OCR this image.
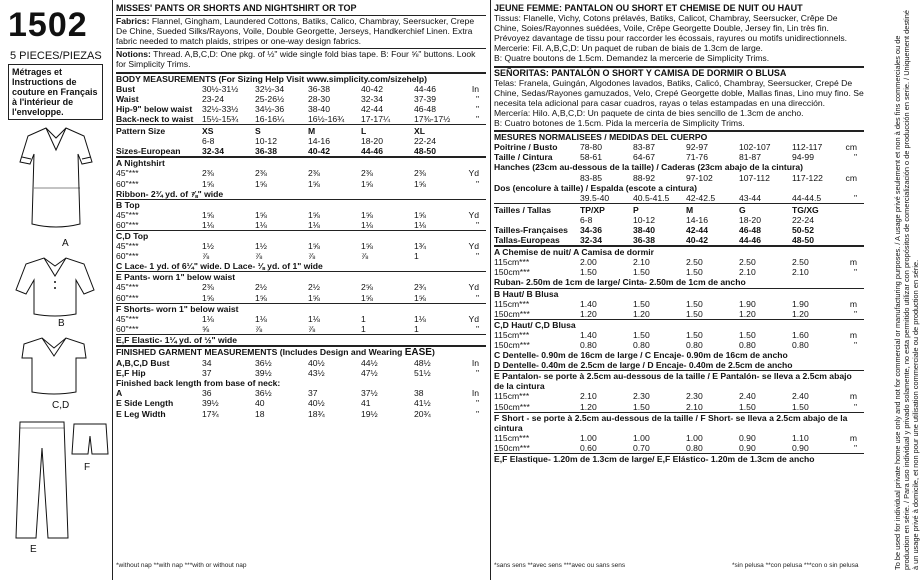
1502
5 PIECES/PIEZAS
Métrages et Instructions de couture en Français à l'intérieur de l'enveloppe.
A
B
C,D
E
F
MISSES' PANTS OR SHORTS AND NIGHTSHIRT OR TOP
Fabrics: Flannel, Gingham, Laundered Cottons, Batiks, Calico, Chambray, Seersucker, Crepe De Chine, Sueded Silks/Rayons, Voile, Double Georgette, Jerseys, Handkerchief Linen. Extra fabric needed to match plaids, stripes or one-way design fabrics.
Notions: Thread. A,B,C,D: One pkg. of ½" wide single fold bias tape. B: Four ⅝" buttons. Look for Simplicity Trims.
BODY MEASUREMENTS (For Sizing Help Visit www.simplicity.com/sizehelp)
Bust	30½-31½	32½-34	36-38	40-42	44-46	In
Waist	23-24	25-26½	28-30	32-34	37-39	"
Hip-9" below waist	32½-33½	34½-36	38-40	42-44	46-48	"
Back-neck to waist	15½-15¾	16-16¼	16½-16¾	17-17¼	17⅜-17½	"
Pattern Size	XS	S	M	L	XL
6-8	10-12	14-16	18-20	22-24
Sizes-European	32-34	36-38	40-42	44-46	48-50
A Nightshirt
45"***	2⅜	2⅜	2⅜	2⅜	2⅜	Yd
60"***	1⅝	1⅝	1⅝	1⅝	1⅝	"
Ribbon- 2¾ yd. of ⅞" wide
B Top
45"***	1⅝	1⅝	1⅝	1⅝	1⅝	Yd
60"***	1⅛	1⅛	1⅛	1⅛	1⅛	"
C,D Top
45"***	1½	1½	1⅝	1⅝	1¾	Yd
60"***	⅞	⅞	⅞	⅞	1	"
C Lace- 1 yd. of 6¼" wide. D Lace- ⅛ yd. of 1" wide
E Pants- worn 1" below waist
45"***	2⅜	2½	2½	2⅝	2¾	Yd
60"***	1⅝	1⅝	1⅝	1⅝	1⅝	"
F Shorts- worn 1" below waist
45"***	1⅛	1⅛	1⅛	1	1⅛	Yd
60"***	⅝	⅞	⅞	1	1	"
E,F Elastic- 1¼ yd. of ½" wide
FINISHED GARMENT MEASUREMENTS (Includes Design and Wearing EASE)
A,B,C,D Bust	34	36½	40½	44½	48½	In
E,F Hip	37	39½	43½	47½	51½	"
Finished back length from base of neck:
A	36	36½	37	37½	38	In
E Side Length	39½	40	40½	41	41½	"
E Leg Width	17¾	18	18¾	19½	20¾	"
*without nap **with nap ***with or without nap
JEUNE FEMME: PANTALON OU SHORT ET CHEMISE DE NUIT OU HAUT
Tissus: Flanelle, Vichy, Cotons prélavés, Batiks, Calicot, Chambray, Seersucker, Crêpe De Chine, Soies/Rayonnes suédées, Voile, Crêpe Georgette Double, Jersey fin, Lin très fin. Prévoyez davantage de tissu pour raccorder les écossais, rayures ou motifs unidirectionnels.
Mercerie: Fil. A,B,C,D: Un paquet de ruban de biais de 1.3cm de large.
B: Quatre boutons de 1.5cm. Demandez la mercerie de Simplicity Trims.
SEÑORITAS: PANTALÓN O SHORT Y CAMISA DE DORMIR O BLUSA
Telas: Franela, Guingán, Algodones lavados, Batiks, Calicó, Chambray, Seersucker, Crepé De Chine, Sedas/Rayones gamuzados, Velo, Crepé Georgette doble, Mallas finas, Lino muy fino. Se necesita tela adicional para casar cuadros, rayas o telas estampadas en una dirección.
Mercería: Hilo. A,B,C,D: Un paquete de cinta de bies sencillo de 1.3cm de ancho.
B: Cuatro botones de 1.5cm. Pida la mercería de Simplicity Trims.
MESURES NORMALISEES / MEDIDAS DEL CUERPO
Poitrine / Busto	78-80	83-87	92-97	102-107	112-117	cm
Taille / Cintura	58-61	64-67	71-76	81-87	94-99	"
Hanches (23cm au-dessous de la taille) / Caderas (23cm abajo de la cintura)
83-85	88-92	97-102	107-112	117-122	cm
Dos (encolure à taille) / Espalda (escote a cintura)
39.5-40	40.5-41.5	42-42.5	43-44	44-44.5	"
Tailles / Tallas	TP/XP	P	M	G	TG/XG
6-8	10-12	14-16	18-20	22-24
Tailles-Françaises	34-36	38-40	42-44	46-48	50-52
Tallas-Europeas	32-34	36-38	40-42	44-46	48-50
A Chemise de nuit/ A Camisa de dormir
115cm***	2.00	2.10	2.50	2.50	2.50	m
150cm***	1.50	1.50	1.50	2.10	2.10	"
Ruban- 2.50m de 1cm de large/ Cinta- 2.50m de 1cm de ancho
B Haut/ B Blusa
115cm***	1.40	1.50	1.50	1.90	1.90	m
150cm***	1.20	1.20	1.50	1.20	1.20	"
C,D Haut/ C,D Blusa
115cm***	1.40	1.50	1.50	1.50	1.60	m
150cm***	0.80	0.80	0.80	0.80	0.80	"
C Dentelle- 0.90m de 16cm de large / C Encaje- 0.90m de 16cm de ancho
D Dentelle- 0.40m de 2.5cm de large / D Encaje- 0.40m de 2.5cm de ancho
E Pantalon- se porte à 2.5cm au-dessous de la taille / E Pantalón- se lleva a 2.5cm abajo de la cintura
115cm***	2.10	2.30	2.30	2.40	2.40	m
150cm***	1.20	1.50	2.10	1.50	1.50	"
F Short - se porte à 2.5cm au-dessous de la taille / F Short- se lleva a 2.5cm abajo de la cintura
115cm***	1.00	1.00	1.00	0.90	1.10	m
150cm***	0.60	0.70	0.80	0.90	0.90	"
E,F Elastique- 1.20m de 1.3cm de large/ E,F Elástico- 1.20m de 1.3cm de ancho
*sans sens **avec sens ***avec ou sans sens	*sin pelusa **con pelusa ***con o sin pelusa	To be used for individual private home use only and not for commercial or manufacturing purposes. / A usage privé seulement et non à des fins commerciales ou de production en série. / Para uso individual y privado solamente, no esta permitido utilizar con propósitos de comercialización o de producción en serie. / Uniquement destiné à un usage privé à domicile, et non pour une utilisation commerciale ou de production en série.
